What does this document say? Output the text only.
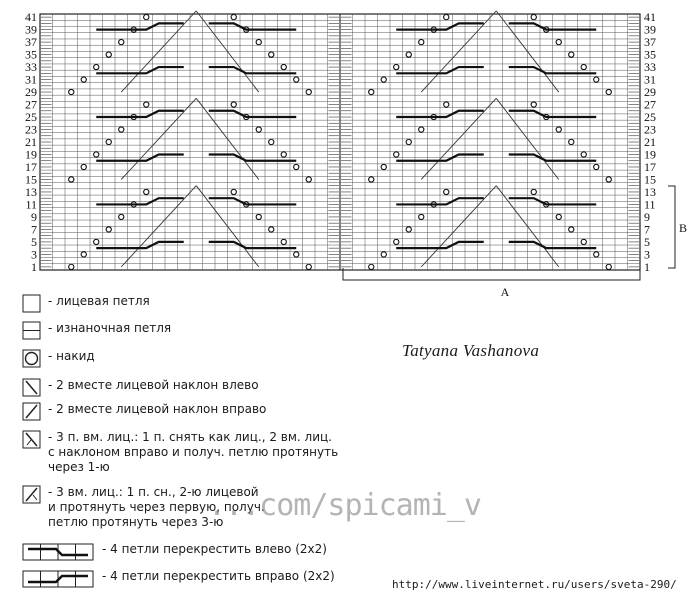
41
39
37
35
33
31
29
27
25
23
21
19
17
15
13
11
9
7
5
3
1
41
39
37
35
33
31
29
27
25
23
21
19
17
15
13
11
9
7
5
3
1
A
B
- лицевая петля
- изнаночная петля
- накид
- 2 вместе лицевой наклон влево
- 2 вместе лицевой наклон вправо
- 3 п. вм. лиц.: 1 п. снять как лиц., 2 вм. лиц.
с наклоном вправо и получ. петлю протянуть
через 1-ю
- 3 вм. лиц.: 1 п. сн., 2-ю лицевой
и протянуть через первую, получ.
петлю протянуть через 3-ю
- 4 петли перекрестить влево (2х2)
- 4 петли перекрестить вправо (2х2)
Tatyana Vashanova
...com/spicami_v
http://www.liveinternet.ru/users/sveta-290/
